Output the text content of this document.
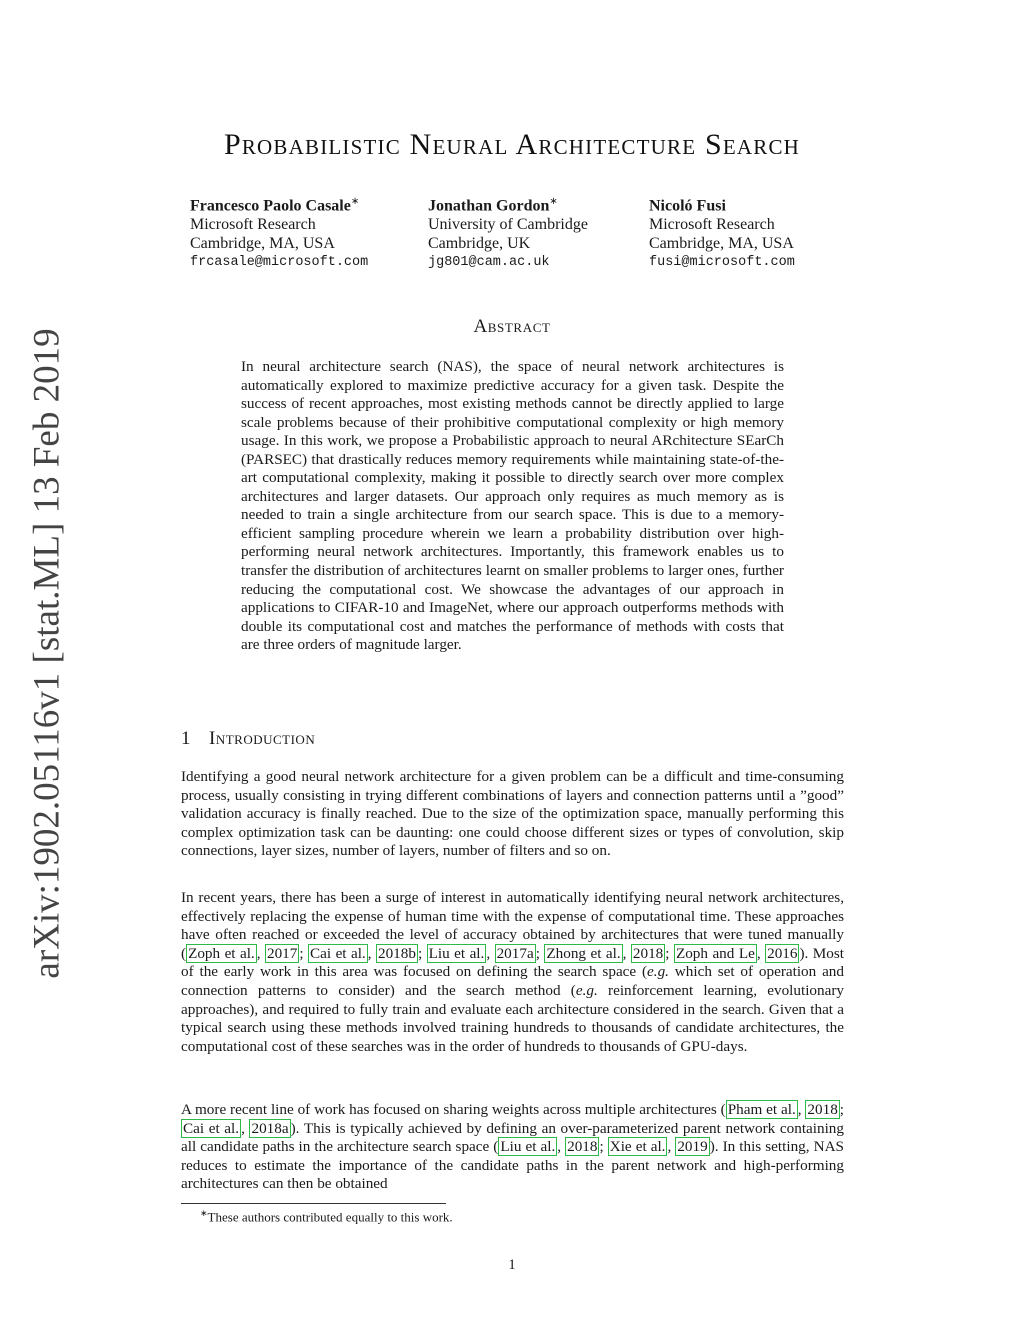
arXiv:1902.05116v1 [stat.ML] 13 Feb 2019
Probabilistic Neural Architecture Search
Francesco Paolo Casale∗
Microsoft Research
Cambridge, MA, USA
frcasale@microsoft.com
Jonathan Gordon∗
University of Cambridge
Cambridge, UK
jg801@cam.ac.uk
Nicoló Fusi
Microsoft Research
Cambridge, MA, USA
fusi@microsoft.com
Abstract

In neural architecture search (NAS), the space of neural network architectures is automatically explored to maximize predictive accuracy for a given task. Despite the success of recent approaches, most existing methods cannot be directly applied to large scale problems because of their prohibitive computational complexity or high memory usage. In this work, we propose a Probabilistic approach to neural ARchitecture SEarCh (PARSEC) that drastically reduces memory requirements while maintaining state-of-the-art computational complexity, making it possible to directly search over more complex architectures and larger datasets. Our approach only requires as much memory as is needed to train a single architecture from our search space. This is due to a memory-efficient sampling procedure wherein we learn a probability distribution over high-performing neural network architectures. Importantly, this framework enables us to transfer the distribution of architectures learnt on smaller problems to larger ones, further reducing the computational cost. We showcase the advantages of our approach in applications to CIFAR-10 and ImageNet, where our approach outperforms methods with double its computational cost and matches the performance of methods with costs that are three orders of magnitude larger.

1 Introduction

Identifying a good neural network architecture for a given problem can be a difficult and time-consuming process, usually consisting in trying different combinations of layers and connection patterns until a ”good” validation accuracy is finally reached. Due to the size of the optimization space, manually performing this complex optimization task can be daunting: one could choose different sizes or types of convolution, skip connections, layer sizes, number of layers, number of filters and so on.

In recent years, there has been a surge of interest in automatically identifying neural network architectures, effectively replacing the expense of human time with the expense of computational time. These approaches have often reached or exceeded the level of accuracy obtained by architectures that were tuned manually ( Zoph et al. , 2017 ; Cai et al. , 2018b ; Liu et al. , 2017a ; Zhong et al. , 2018 ; Zoph and Le , 2016 ). Most of the early work in this area was focused on defining the search space (e.g. which set of operation and connection patterns to consider) and the search method (e.g. reinforcement learning, evolutionary approaches), and required to fully train and evaluate each architecture considered in the search. Given that a typical search using these methods involved training hundreds to thousands of candidate architectures, the computational cost of these searches was in the order of hundreds to thousands of GPU-days.

A more recent line of work has focused on sharing weights across multiple architectures ( Pham et al. , 2018 ; Cai et al. , 2018a ). This is typically achieved by defining an over-parameterized parent network containing all candidate paths in the architecture search space ( Liu et al. , 2018 ; Xie et al. , 2019 ). In this setting, NAS reduces to estimate the importance of the candidate paths in the parent network and high-performing architectures can then be obtained

∗These authors contributed equally to this work.
1
